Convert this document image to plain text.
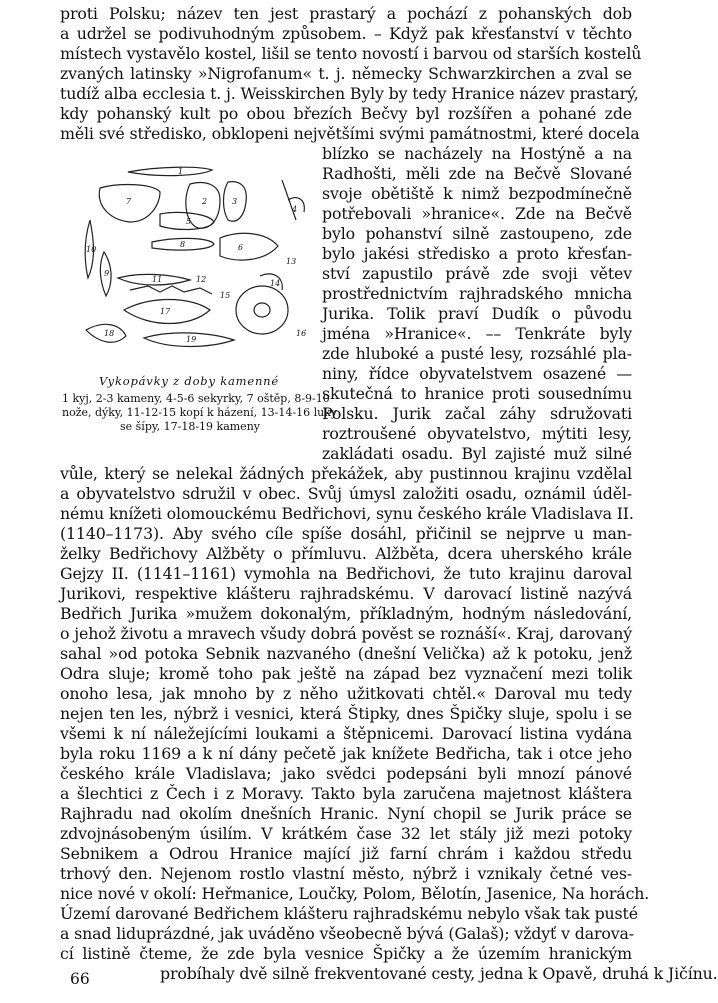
proti Polsku; název ten jest prastarý a pochází z pohanských dob
a udržel se podivuhodným způsobem. – Když pak křesťanství v těchto
místech vystavělo kostel, lišil se tento novostí i barvou od starších kostelů
zvaných latinsky »Nigrofanum« t. j. německy Schwarzkirchen a zval se
tudíž alba ecclesia t. j. Weisskirchen Byly by tedy Hranice název prastarý,
kdy pohanský kult po obou březích Bečvy byl rozšířen a pohané zde
měli své středisko, obklopeni největšími svými památnostmi, které docela
1
2	3
4
5
6
7
8
9
10
11	12
13
14
15
16
17
18
19
Vykopávky z doby kamenné
1 kyj, 2-3 kameny, 4-5-6 sekyrky, 7 oštěp, 8-9-10
nože, dýky, 11-12-15 kopí k házení, 13-14-16 luky
se šípy, 17-18-19 kameny
blízko se nacházely na Hostýně a na
Radhošti, měli zde na Bečvě Slované
svoje obětiště k nimž bezpodmínečně
potřebovali »hranice«. Zde na Bečvě
bylo pohanství silně zastoupeno, zde
bylo jakési středisko a proto křesťan-
ství zapustilo právě zde svoji větev
prostřednictvím rajhradského mnicha
Jurika. Tolik praví Dudík o původu
jména »Hranice«. –– Tenkráte byly
zde hluboké a pusté lesy, rozsáhlé pla-
niny, řídce obyvatelstvem osazené —
skutečná to hranice proti sousednímu
Polsku. Jurik začal záhy sdružovati
roztroušené obyvatelstvo, mýtiti lesy,
zakládati osadu. Byl zajisté muž silné
vůle, který se nelekal žádných překážek, aby pustinnou krajinu vzdělal
a obyvatelstvo sdružil v obec. Svůj úmysl založiti osadu, oznámil úděl-
nému knížeti olomouckému Bedřichovi, synu českého krále Vladislava II.
(1140–1173). Aby svého cíle spíše dosáhl, přičinil se nejprve u man-
želky Bedřichovy Alžběty o přímluvu. Alžběta, dcera uherského krále
Gejzy II. (1141–1161) vymohla na Bedřichovi, že tuto krajinu daroval
Jurikovi, respektive klášteru rajhradskému. V darovací listině nazývá
Bedřich Jurika »mužem dokonalým, příkladným, hodným následování,
o jehož životu a mravech všudy dobrá pověst se roznáší«. Kraj, darovaný
sahal »od potoka Sebnik nazvaného (dnešní Velička) až k potoku, jenž
Odra sluje; kromě toho pak ještě na západ bez vyznačení mezi tolik
onoho lesa, jak mnoho by z něho užitkovati chtěl.« Daroval mu tedy
nejen ten les, nýbrž i vesnici, která Štipky, dnes Špičky sluje, spolu i se
všemi k ní náležejícími loukami a štěpnicemi. Darovací listina vydána
byla roku 1169 a k ní dány pečetě jak knížete Bedřicha, tak i otce jeho
českého krále Vladislava; jako svědci podepsáni byli mnozí pánové
a šlechtici z Čech i z Moravy. Takto byla zaručena majetnost kláštera
Rajhradu nad okolím dnešních Hranic. Nyní chopil se Jurik práce se
zdvojnásobeným úsilím. V krátkém čase 32 let stály již mezi potoky
Sebnikem a Odrou Hranice mající již farní chrám i každou středu
trhový den. Nejenom rostlo vlastní město, nýbrž i vznikaly četné ves-
nice nové v okolí: Heřmanice, Loučky, Polom, Bělotín, Jasenice, Na horách.
Území darované Bedřichem klášteru rajhradskému nebylo však tak pusté
a snad liduprázdné, jak uváděno všeobecně bývá (Galaš); vždyť v darova-
cí listině čteme, že zde byla vesnice Špičky a že územím hranickým
probíhaly dvě silně frekventované cesty, jedna k Opavě, druhá k Jičínu.
66
